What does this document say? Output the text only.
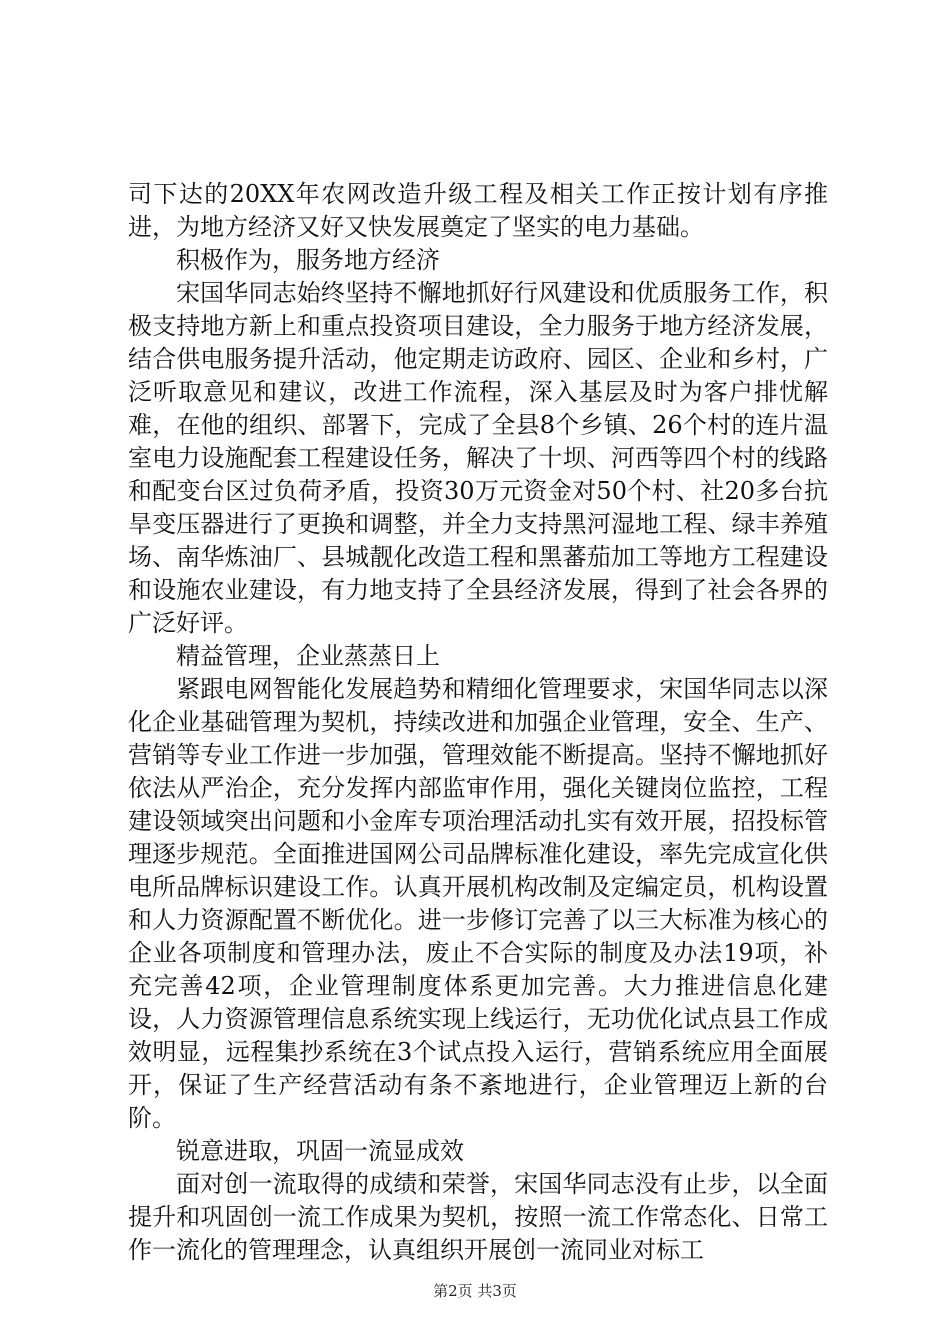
司下达的20XX年农网改造升级工程及相关工作正按计划有序推进，为地方经济又好又快发展奠定了坚实的电力基础。

积极作为，服务地方经济

宋国华同志始终坚持不懈地抓好行风建设和优质服务工作，积极支持地方新上和重点投资项目建设，全力服务于地方经济发展，结合供电服务提升活动，他定期走访政府、园区、企业和乡村，广泛听取意见和建议，改进工作流程，深入基层及时为客户排忧解难，在他的组织、部署下，完成了全县8个乡镇、26个村的连片温室电力设施配套工程建设任务，解决了十坝、河西等四个村的线路和配变台区过负荷矛盾，投资30万元资金对50个村、社20多台抗旱变压器进行了更换和调整，并全力支持黑河湿地工程、绿丰养殖场、南华炼油厂、县城靓化改造工程和黑蕃茄加工等地方工程建设和设施农业建设，有力地支持了全县经济发展，得到了社会各界的广泛好评。

精益管理，企业蒸蒸日上

紧跟电网智能化发展趋势和精细化管理要求，宋国华同志以深化企业基础管理为契机，持续改进和加强企业管理，安全、生产、营销等专业工作进一步加强，管理效能不断提高。坚持不懈地抓好依法从严治企，充分发挥内部监审作用，强化关键岗位监控，工程建设领域突出问题和小金库专项治理活动扎实有效开展，招投标管理逐步规范。全面推进国网公司品牌标准化建设，率先完成宣化供电所品牌标识建设工作。认真开展机构改制及定编定员，机构设置和人力资源配置不断优化。进一步修订完善了以三大标准为核心的企业各项制度和管理办法，废止不合实际的制度及办法19项，补充完善42项，企业管理制度体系更加完善。大力推进信息化建设，人力资源管理信息系统实现上线运行，无功优化试点县工作成效明显，远程集抄系统在3个试点投入运行，营销系统应用全面展开，保证了生产经营活动有条不紊地进行，企业管理迈上新的台阶。

锐意进取，巩固一流显成效

面对创一流取得的成绩和荣誉，宋国华同志没有止步，以全面提升和巩固创一流工作成果为契机，按照一流工作常态化、日常工作一流化的管理理念，认真组织开展创一流同业对标工

第2页 共3页
